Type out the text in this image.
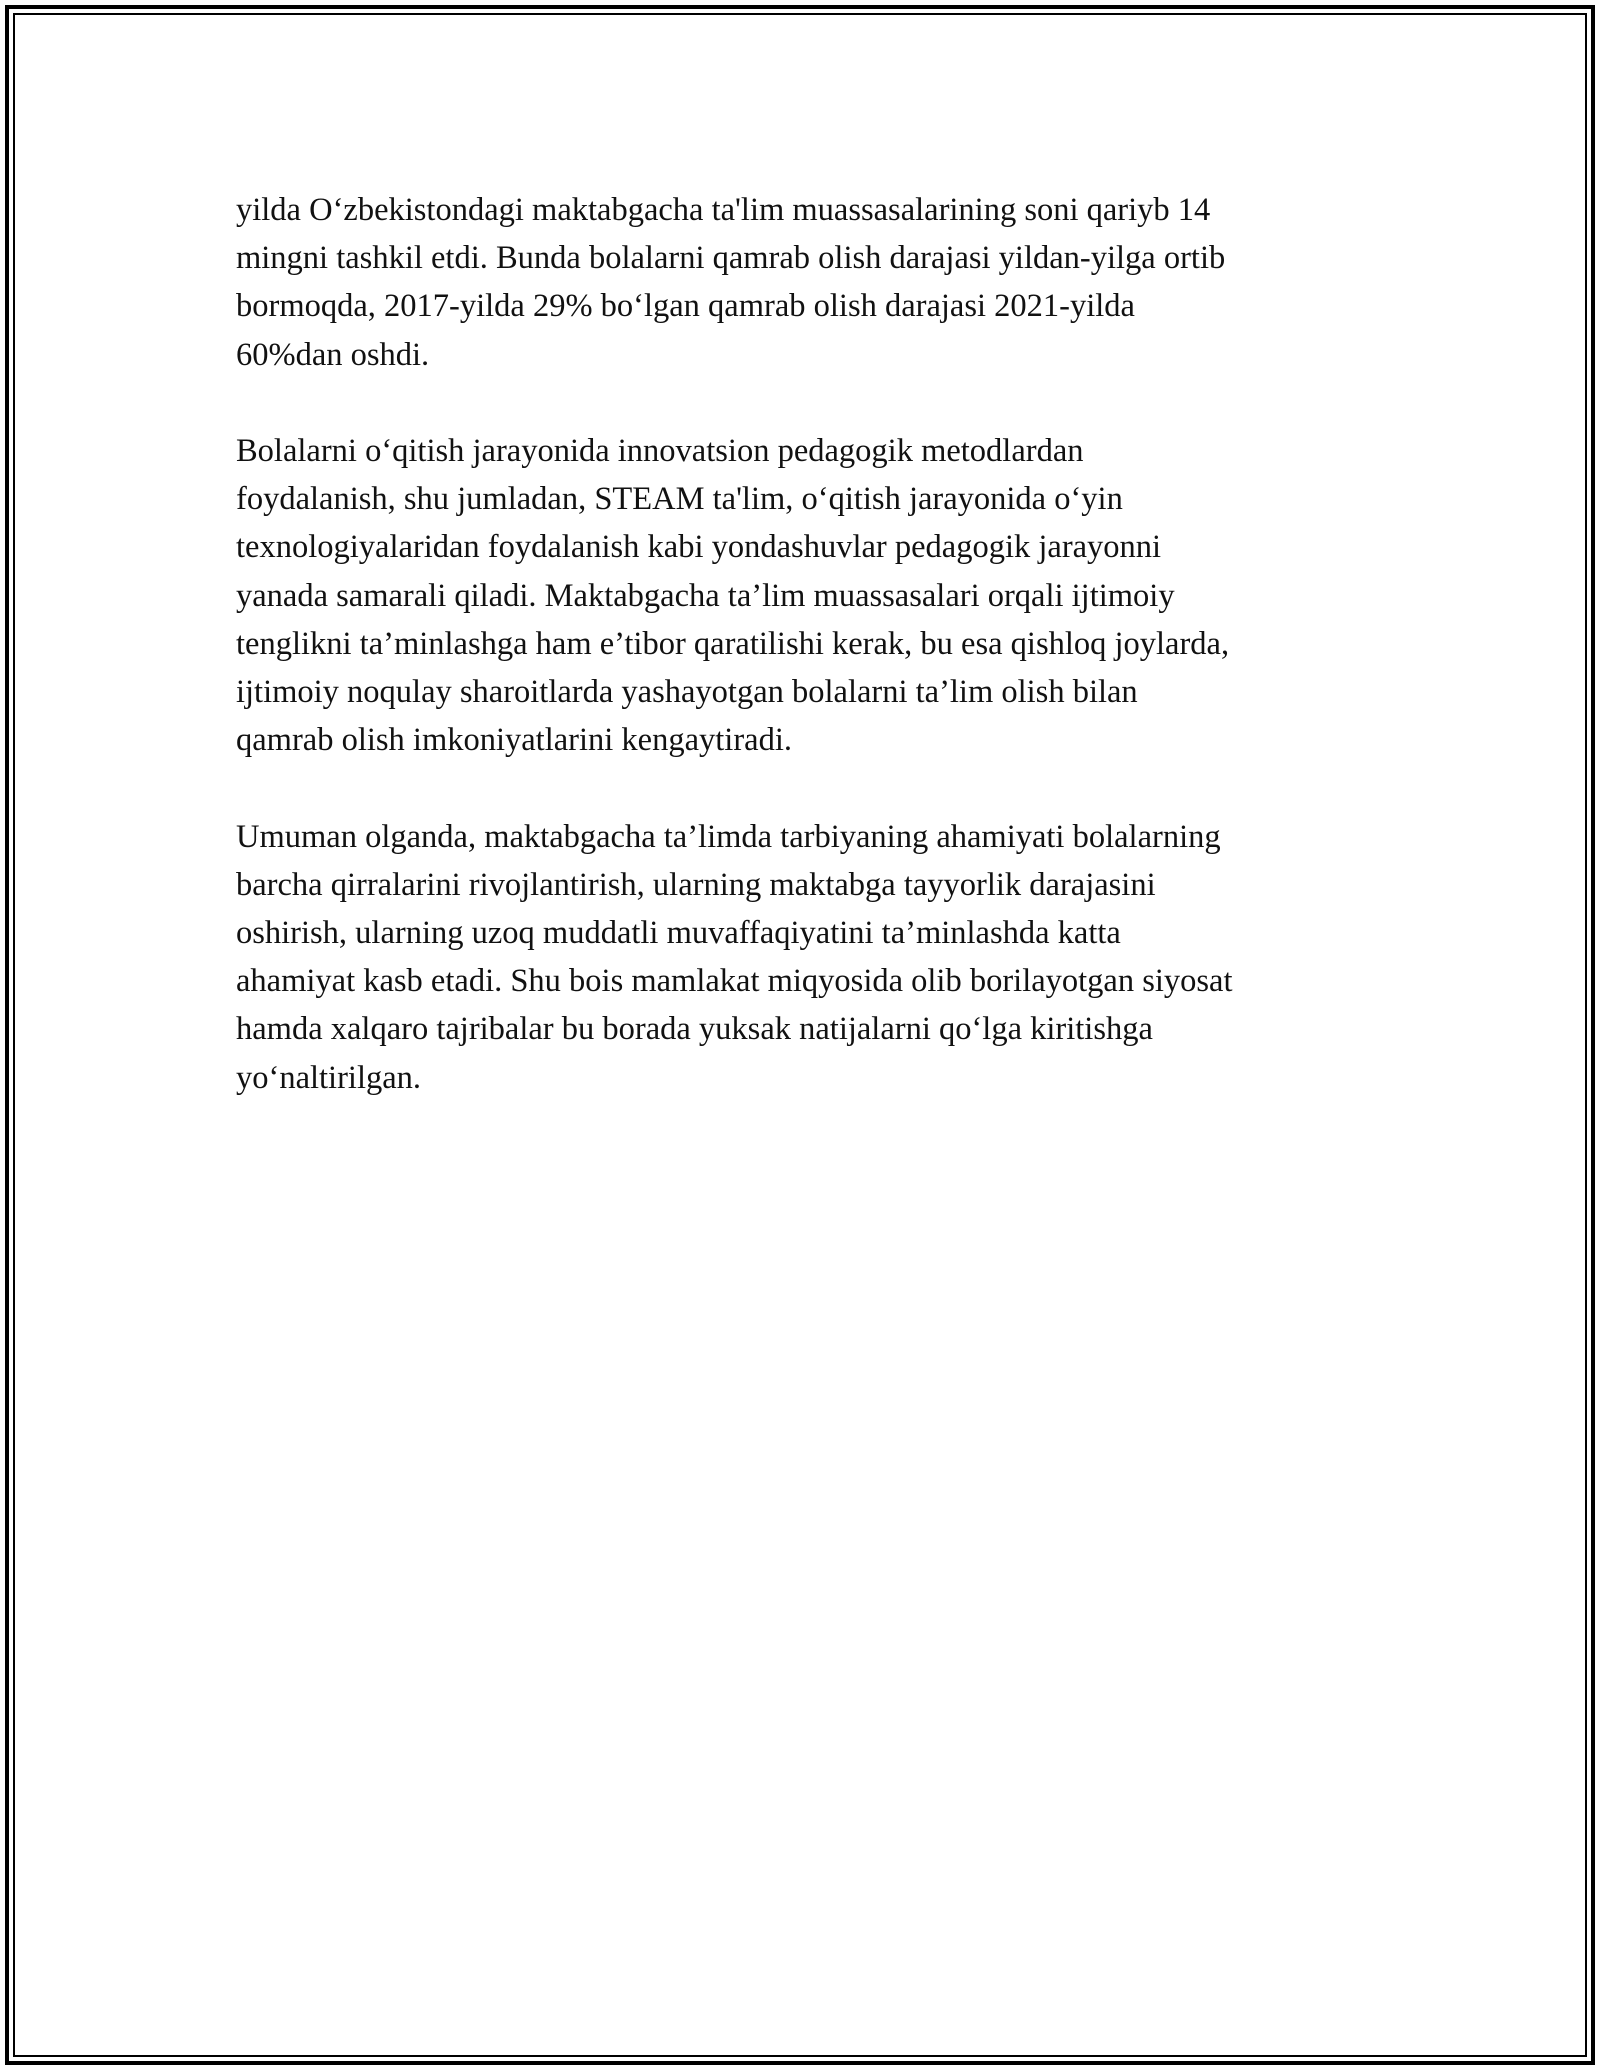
yilda O‘zbekistondagi maktabgacha ta'lim muassasalarining soni qariyb 14
mingni tashkil etdi. Bunda bolalarni qamrab olish darajasi yildan-yilga ortib
bormoqda, 2017-yilda 29% bo‘lgan qamrab olish darajasi 2021-yilda
60%dan oshdi.

Bolalarni o‘qitish jarayonida innovatsion pedagogik metodlardan
foydalanish, shu jumladan, STEAM ta'lim, o‘qitish jarayonida o‘yin
texnologiyalaridan foydalanish kabi yondashuvlar pedagogik jarayonni
yanada samarali qiladi. Maktabgacha ta’lim muassasalari orqali ijtimoiy
tenglikni ta’minlashga ham e’tibor qaratilishi kerak, bu esa qishloq joylarda,
ijtimoiy noqulay sharoitlarda yashayotgan bolalarni ta’lim olish bilan
qamrab olish imkoniyatlarini kengaytiradi.

Umuman olganda, maktabgacha ta’limda tarbiyaning ahamiyati bolalarning
barcha qirralarini rivojlantirish, ularning maktabga tayyorlik darajasini
oshirish, ularning uzoq muddatli muvaffaqiyatini ta’minlashda katta
ahamiyat kasb etadi. Shu bois mamlakat miqyosida olib borilayotgan siyosat
hamda xalqaro tajribalar bu borada yuksak natijalarni qo‘lga kiritishga
yo‘naltirilgan.
